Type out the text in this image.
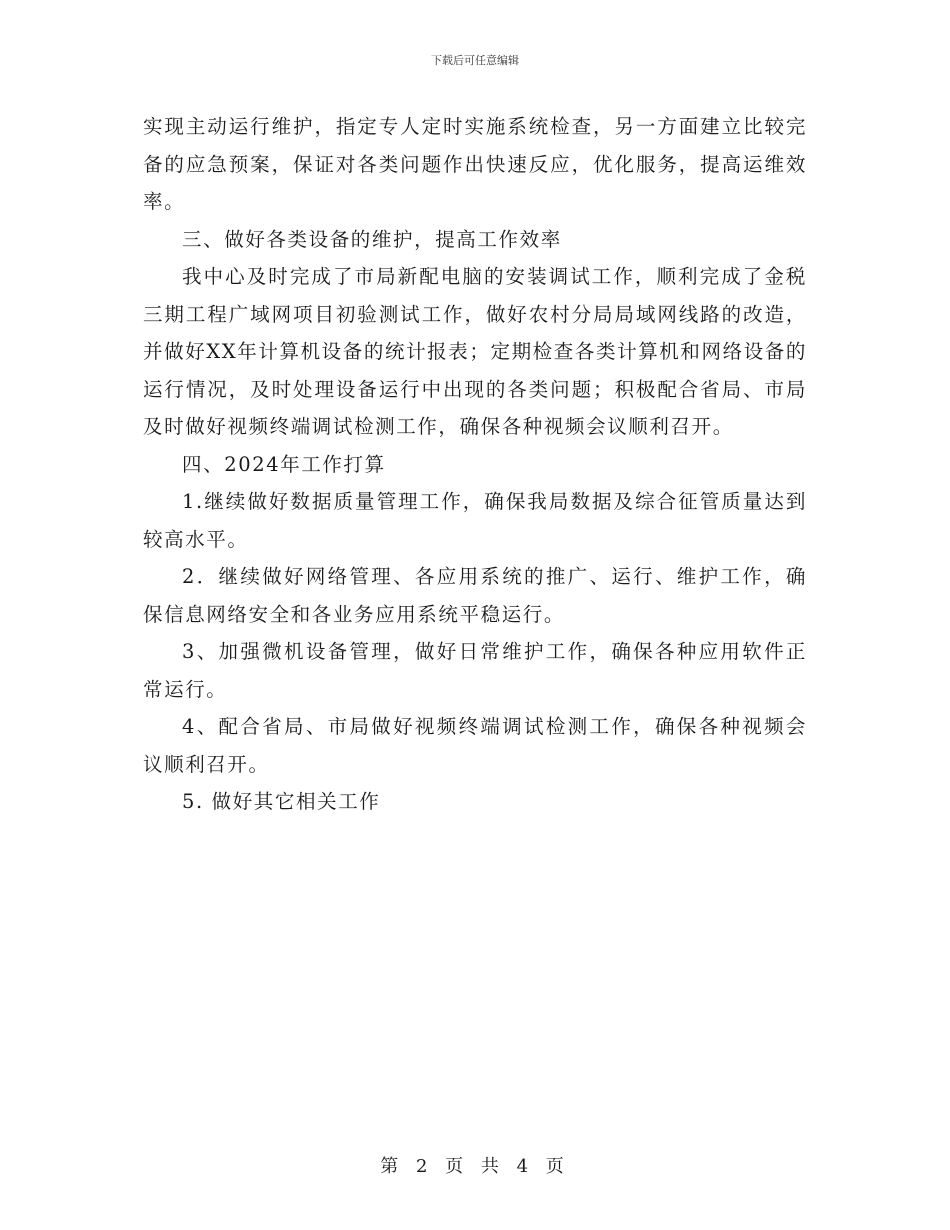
下载后可任意编辑

实现主动运行维护，指定专人定时实施系统检查，另一方面建立比较完备的应急预案，保证对各类问题作出快速反应，优化服务，提高运维效率。

三、做好各类设备的维护，提高工作效率

我中心及时完成了市局新配电脑的安装调试工作，顺利完成了金税三期工程广域网项目初验测试工作，做好农村分局局域网线路的改造，并做好XX年计算机设备的统计报表；定期检查各类计算机和网络设备的运行情况，及时处理设备运行中出现的各类问题；积极配合省局、市局及时做好视频终端调试检测工作，确保各种视频会议顺利召开。

四、2024年工作打算

1.继续做好数据质量管理工作，确保我局数据及综合征管质量达到较高水平。

2．继续做好网络管理、各应用系统的推广、运行、维护工作，确保信息网络安全和各业务应用系统平稳运行。

3、加强微机设备管理，做好日常维护工作，确保各种应用软件正常运行。

4、配合省局、市局做好视频终端调试检测工作，确保各种视频会议顺利召开。

5. 做好其它相关工作

第 2 页 共 4 页
